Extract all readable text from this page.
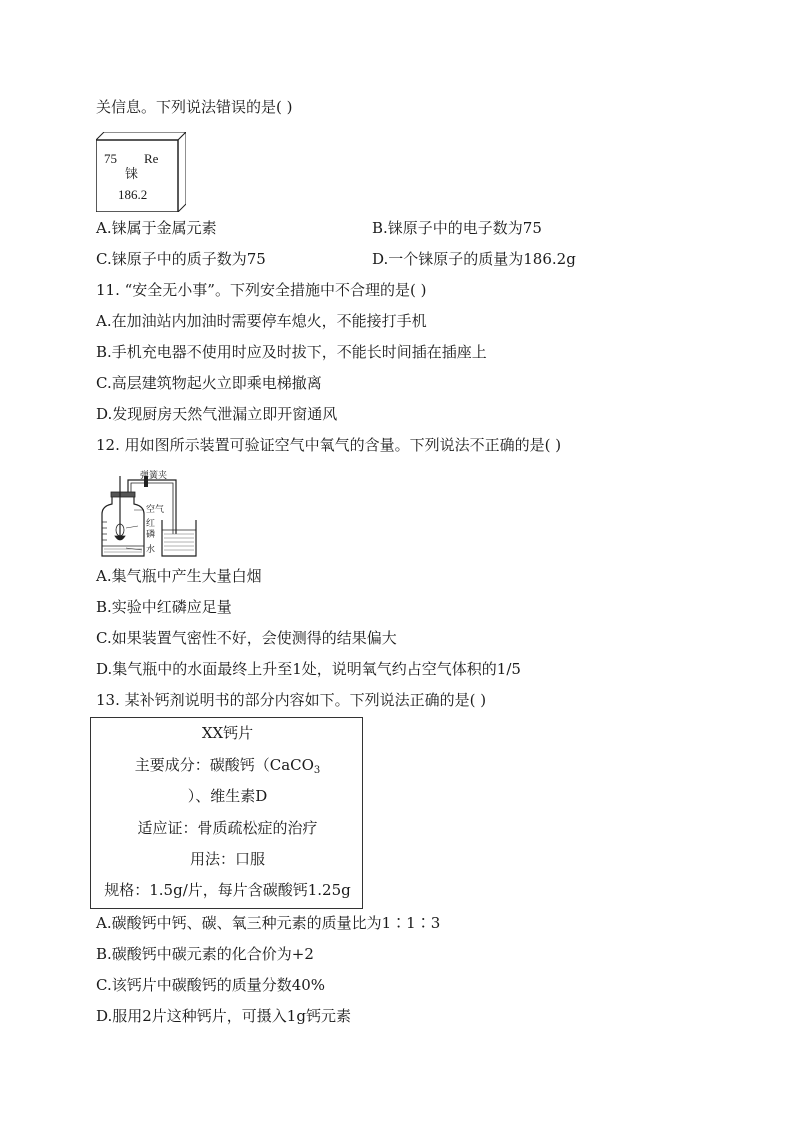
关信息。下列说法错误的是( )
75 Re
铼
186.2
A.铼属于金属元素	B.铼原子中的电子数为75
C.铼原子中的质子数为75	D.一个铼原子的质量为186.2g
11. “安全无小事”。下列安全措施中不合理的是( )
A.在加油站内加油时需要停车熄火，不能接打手机
B.手机充电器不使用时应及时拔下，不能长时间插在插座上
C.高层建筑物起火立即乘电梯撤离
D.发现厨房天然气泄漏立即开窗通风
12. 用如图所示装置可验证空气中氧气的含量。下列说法不正确的是( )
弹簧夹
空气
红
磷
水
A.集气瓶中产生大量白烟
B.实验中红磷应足量
C.如果装置气密性不好，会使测得的结果偏大
D.集气瓶中的水面最终上升至1处，说明氧气约占空气体积的1/5
13. 某补钙剂说明书的部分内容如下。下列说法正确的是( )
XX钙片
主要成分：碳酸钙（CaCO$_3$
）、维生素D
适应证：骨质疏松症的治疗
用法：口服
规格：1.5g/片，每片含碳酸钙1.25g
A.碳酸钙中钙、碳、氧三种元素的质量比为1∶1∶3
B.碳酸钙中碳元素的化合价为+2
C.该钙片中碳酸钙的质量分数40%
D.服用2片这种钙片，可摄入1g钙元素
